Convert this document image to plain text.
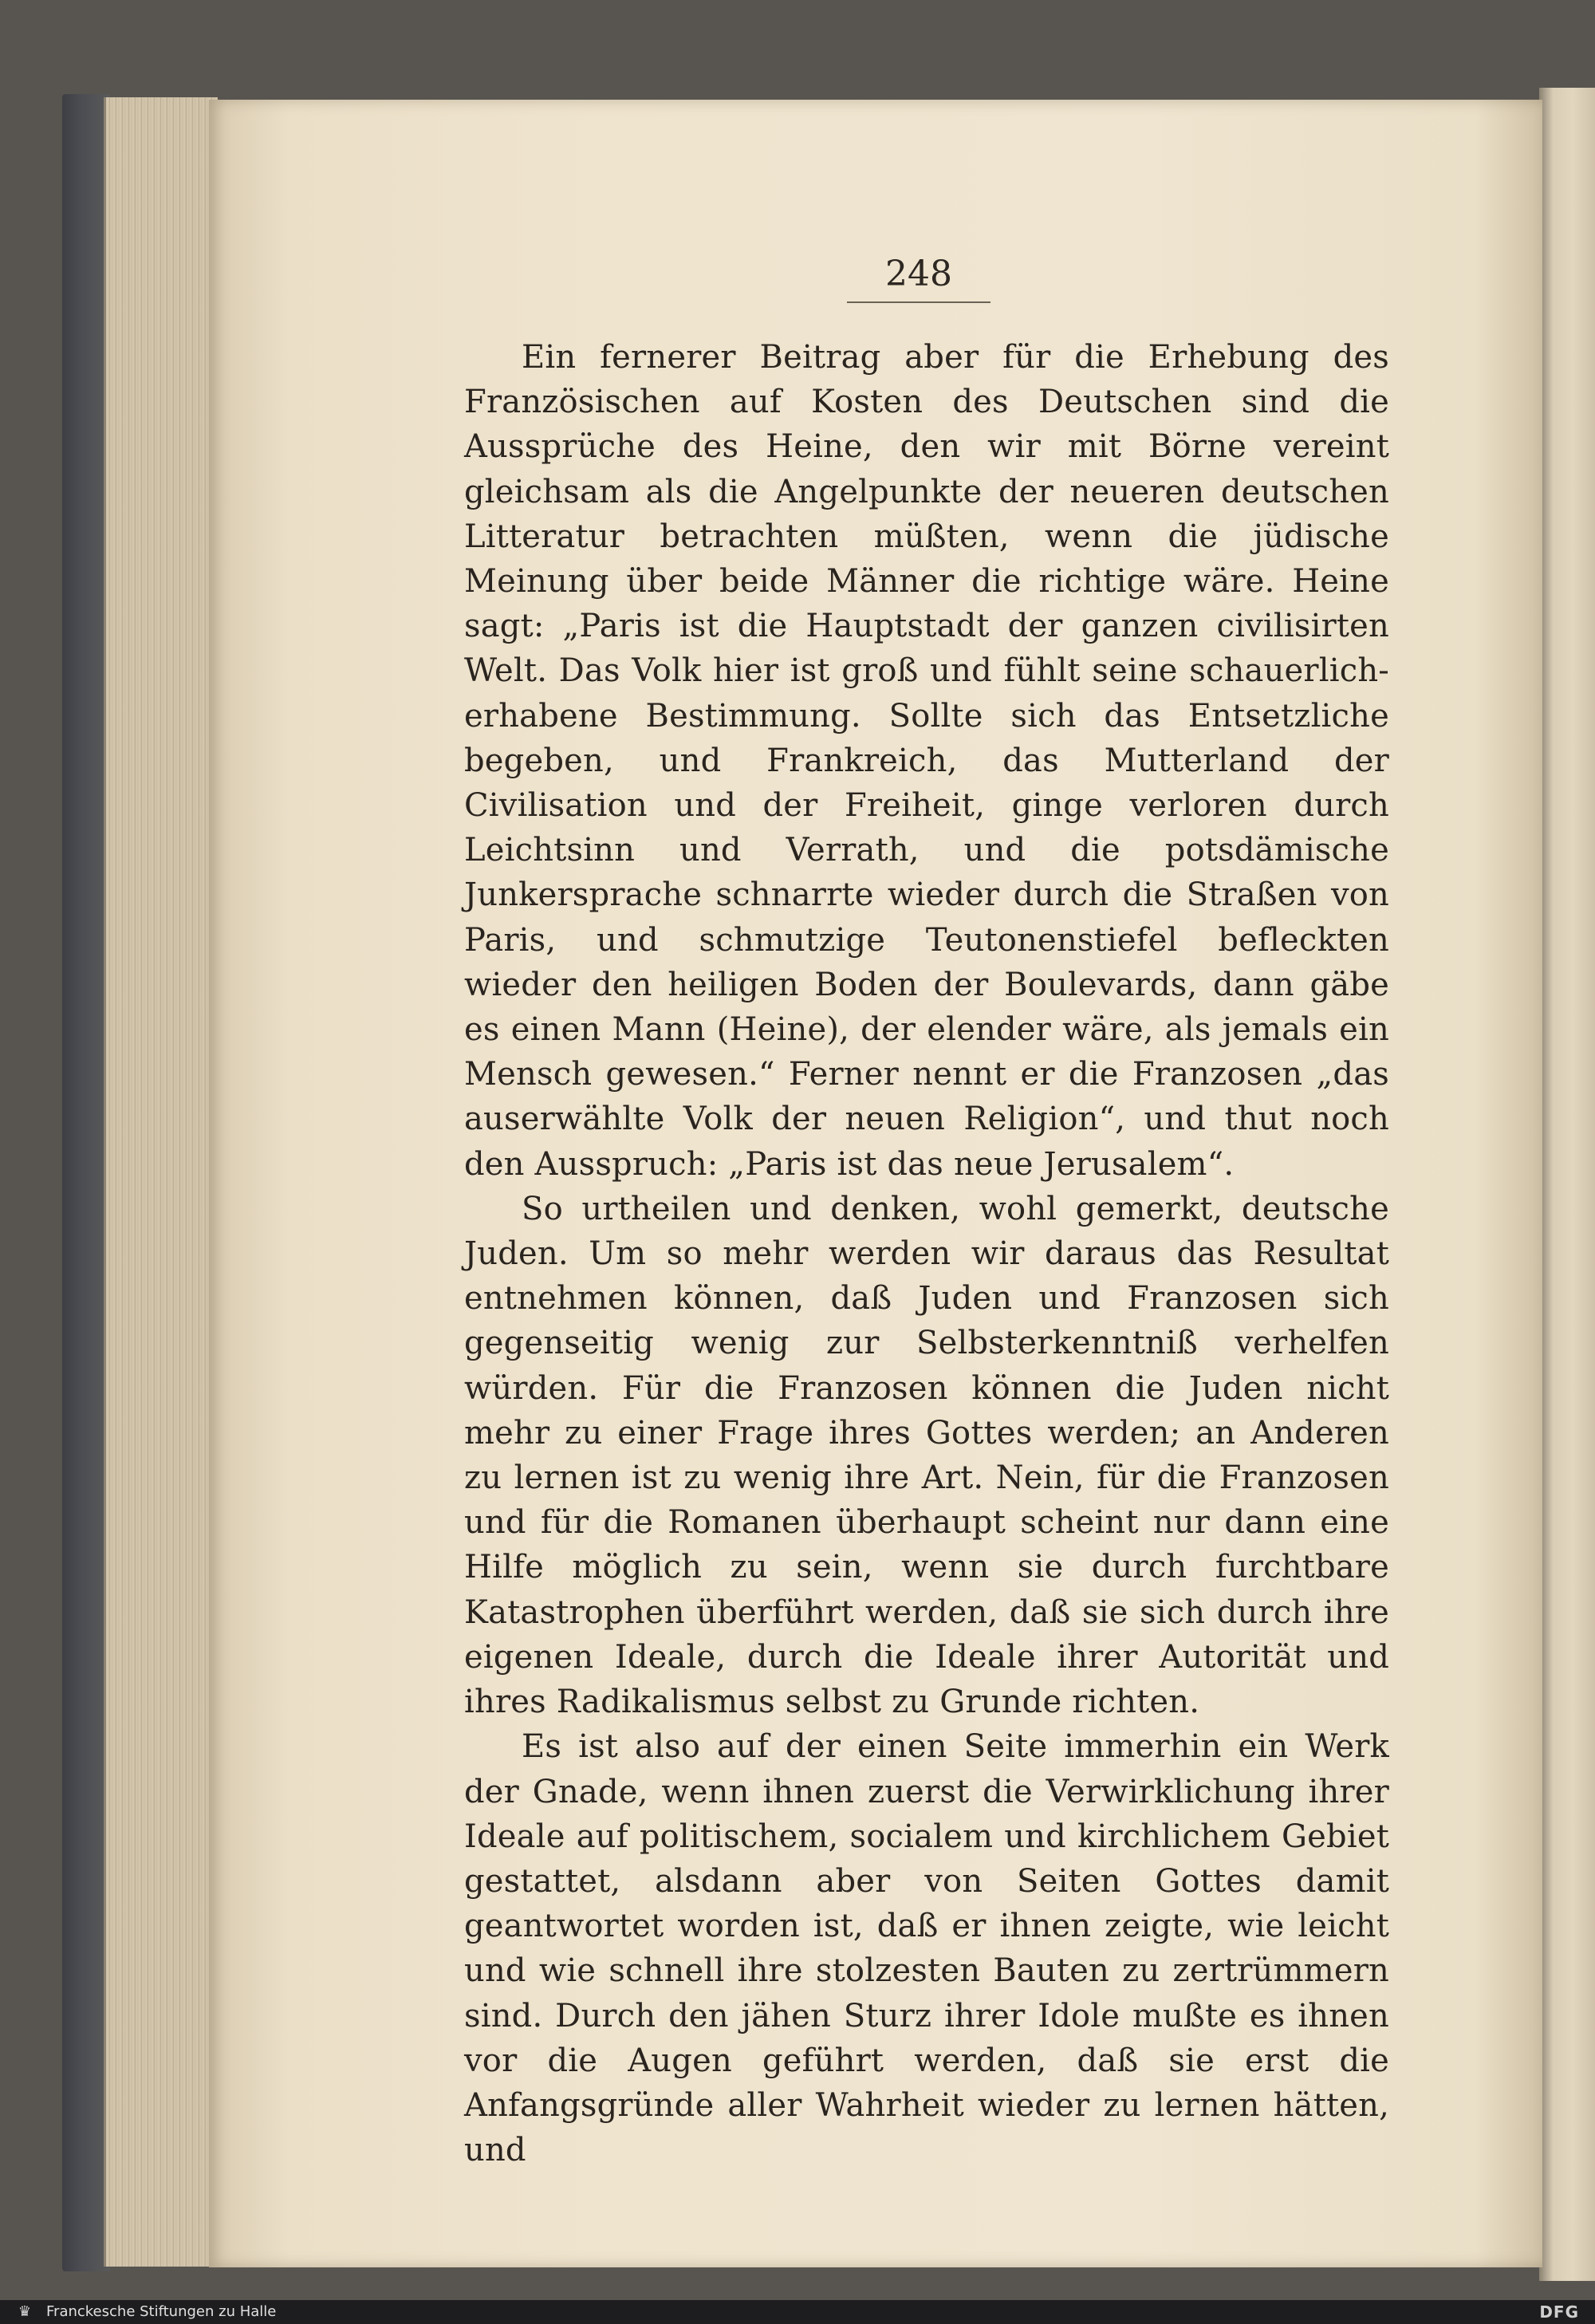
248

Ein fernerer Beitrag aber für die Erhebung des Französischen auf Kosten des Deutschen sind die Aussprüche des Heine, den wir mit Börne vereint gleichsam als die Angelpunkte der neueren deutschen Litteratur betrachten müßten, wenn die jüdische Meinung über beide Männer die richtige wäre. Heine sagt: „Paris ist die Hauptstadt der ganzen civilisirten Welt. Das Volk hier ist groß und fühlt seine schauerlich-erhabene Bestimmung. Sollte sich das Entsetzliche begeben, und Frankreich, das Mutterland der Civilisation und der Freiheit, ginge verloren durch Leichtsinn und Verrath, und die potsdämische Junkersprache schnarrte wieder durch die Straßen von Paris, und schmutzige Teutonenstiefel befleckten wieder den heiligen Boden der Boulevards, dann gäbe es einen Mann (Heine), der elender wäre, als jemals ein Mensch gewesen.“ Ferner nennt er die Franzosen „das auserwählte Volk der neuen Religion“, und thut noch den Ausspruch: „Paris ist das neue Jerusalem“.

So urtheilen und denken, wohl gemerkt, deutsche Juden. Um so mehr werden wir daraus das Resultat entnehmen können, daß Juden und Franzosen sich gegenseitig wenig zur Selbsterkenntniß verhelfen würden. Für die Franzosen können die Juden nicht mehr zu einer Frage ihres Gottes werden; an Anderen zu lernen ist zu wenig ihre Art. Nein, für die Franzosen und für die Romanen überhaupt scheint nur dann eine Hilfe möglich zu sein, wenn sie durch furchtbare Katastrophen überführt werden, daß sie sich durch ihre eigenen Ideale, durch die Ideale ihrer Autorität und ihres Radikalismus selbst zu Grunde richten.

Es ist also auf der einen Seite immerhin ein Werk der Gnade, wenn ihnen zuerst die Verwirklichung ihrer Ideale auf politischem, socialem und kirchlichem Gebiet gestattet, alsdann aber von Seiten Gottes damit geantwortet worden ist, daß er ihnen zeigte, wie leicht und wie schnell ihre stolzesten Bauten zu zertrümmern sind. Durch den jähen Sturz ihrer Idole mußte es ihnen vor die Augen geführt werden, daß sie erst die Anfangsgründe aller Wahrheit wieder zu lernen hätten, und

♛ Franckesche Stiftungen zu Halle	DFG
